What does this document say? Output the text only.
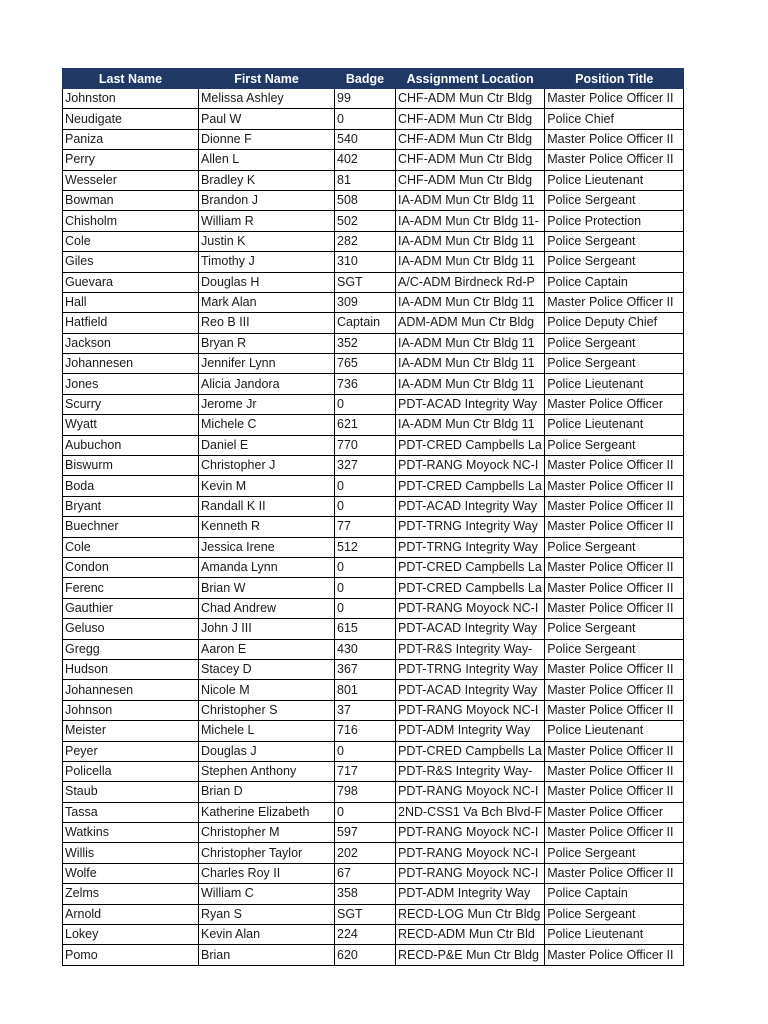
Last Name	First Name	Badge	Assignment Location	Position Title
Johnston	Melissa Ashley	99	CHF-ADM Mun Ctr Bldg	Master Police Officer II
Neudigate	Paul W	0	CHF-ADM Mun Ctr Bldg	Police Chief
Paniza	Dionne F	540	CHF-ADM Mun Ctr Bldg	Master Police Officer II
Perry	Allen L	402	CHF-ADM Mun Ctr Bldg	Master Police Officer II
Wesseler	Bradley K	81	CHF-ADM Mun Ctr Bldg	Police Lieutenant
Bowman	Brandon J	508	IA-ADM Mun Ctr Bldg 11	Police Sergeant
Chisholm	William R	502	IA-ADM Mun Ctr Bldg 11-	Police Protection
Cole	Justin K	282	IA-ADM Mun Ctr Bldg 11	Police Sergeant
Giles	Timothy J	310	IA-ADM Mun Ctr Bldg 11	Police Sergeant
Guevara	Douglas H	SGT	A/C-ADM Birdneck Rd-P	Police Captain
Hall	Mark Alan	309	IA-ADM Mun Ctr Bldg 11	Master Police Officer II
Hatfield	Reo B III	Captain	ADM-ADM Mun Ctr Bldg	Police Deputy Chief
Jackson	Bryan R	352	IA-ADM Mun Ctr Bldg 11	Police Sergeant
Johannesen	Jennifer Lynn	765	IA-ADM Mun Ctr Bldg 11	Police Sergeant
Jones	Alicia Jandora	736	IA-ADM Mun Ctr Bldg 11	Police Lieutenant
Scurry	Jerome Jr	0	PDT-ACAD Integrity Way	Master Police Officer
Wyatt	Michele C	621	IA-ADM Mun Ctr Bldg 11	Police Lieutenant
Aubuchon	Daniel E	770	PDT-CRED Campbells La	Police Sergeant
Biswurm	Christopher J	327	PDT-RANG Moyock NC-I	Master Police Officer II
Boda	Kevin M	0	PDT-CRED Campbells La	Master Police Officer II
Bryant	Randall K II	0	PDT-ACAD Integrity Way	Master Police Officer II
Buechner	Kenneth R	77	PDT-TRNG Integrity Way	Master Police Officer II
Cole	Jessica Irene	512	PDT-TRNG Integrity Way	Police Sergeant
Condon	Amanda Lynn	0	PDT-CRED Campbells La	Master Police Officer II
Ferenc	Brian W	0	PDT-CRED Campbells La	Master Police Officer II
Gauthier	Chad Andrew	0	PDT-RANG Moyock NC-I	Master Police Officer II
Geluso	John J III	615	PDT-ACAD Integrity Way	Police Sergeant
Gregg	Aaron E	430	PDT-R&S Integrity Way-	Police Sergeant
Hudson	Stacey D	367	PDT-TRNG Integrity Way	Master Police Officer II
Johannesen	Nicole M	801	PDT-ACAD Integrity Way	Master Police Officer II
Johnson	Christopher S	37	PDT-RANG Moyock NC-I	Master Police Officer II
Meister	Michele L	716	PDT-ADM Integrity Way	Police Lieutenant
Peyer	Douglas J	0	PDT-CRED Campbells La	Master Police Officer II
Policella	Stephen Anthony	717	PDT-R&S Integrity Way-	Master Police Officer II
Staub	Brian D	798	PDT-RANG Moyock NC-I	Master Police Officer II
Tassa	Katherine Elizabeth	0	2ND-CSS1 Va Bch Blvd-F	Master Police Officer
Watkins	Christopher M	597	PDT-RANG Moyock NC-I	Master Police Officer II
Willis	Christopher Taylor	202	PDT-RANG Moyock NC-I	Police Sergeant
Wolfe	Charles Roy II	67	PDT-RANG Moyock NC-I	Master Police Officer II
Zelms	William C	358	PDT-ADM Integrity Way	Police Captain
Arnold	Ryan S	SGT	RECD-LOG Mun Ctr Bldg	Police Sergeant
Lokey	Kevin Alan	224	RECD-ADM Mun Ctr Bld	Police Lieutenant
Pomo	Brian	620	RECD-P&E Mun Ctr Bldg	Master Police Officer II
